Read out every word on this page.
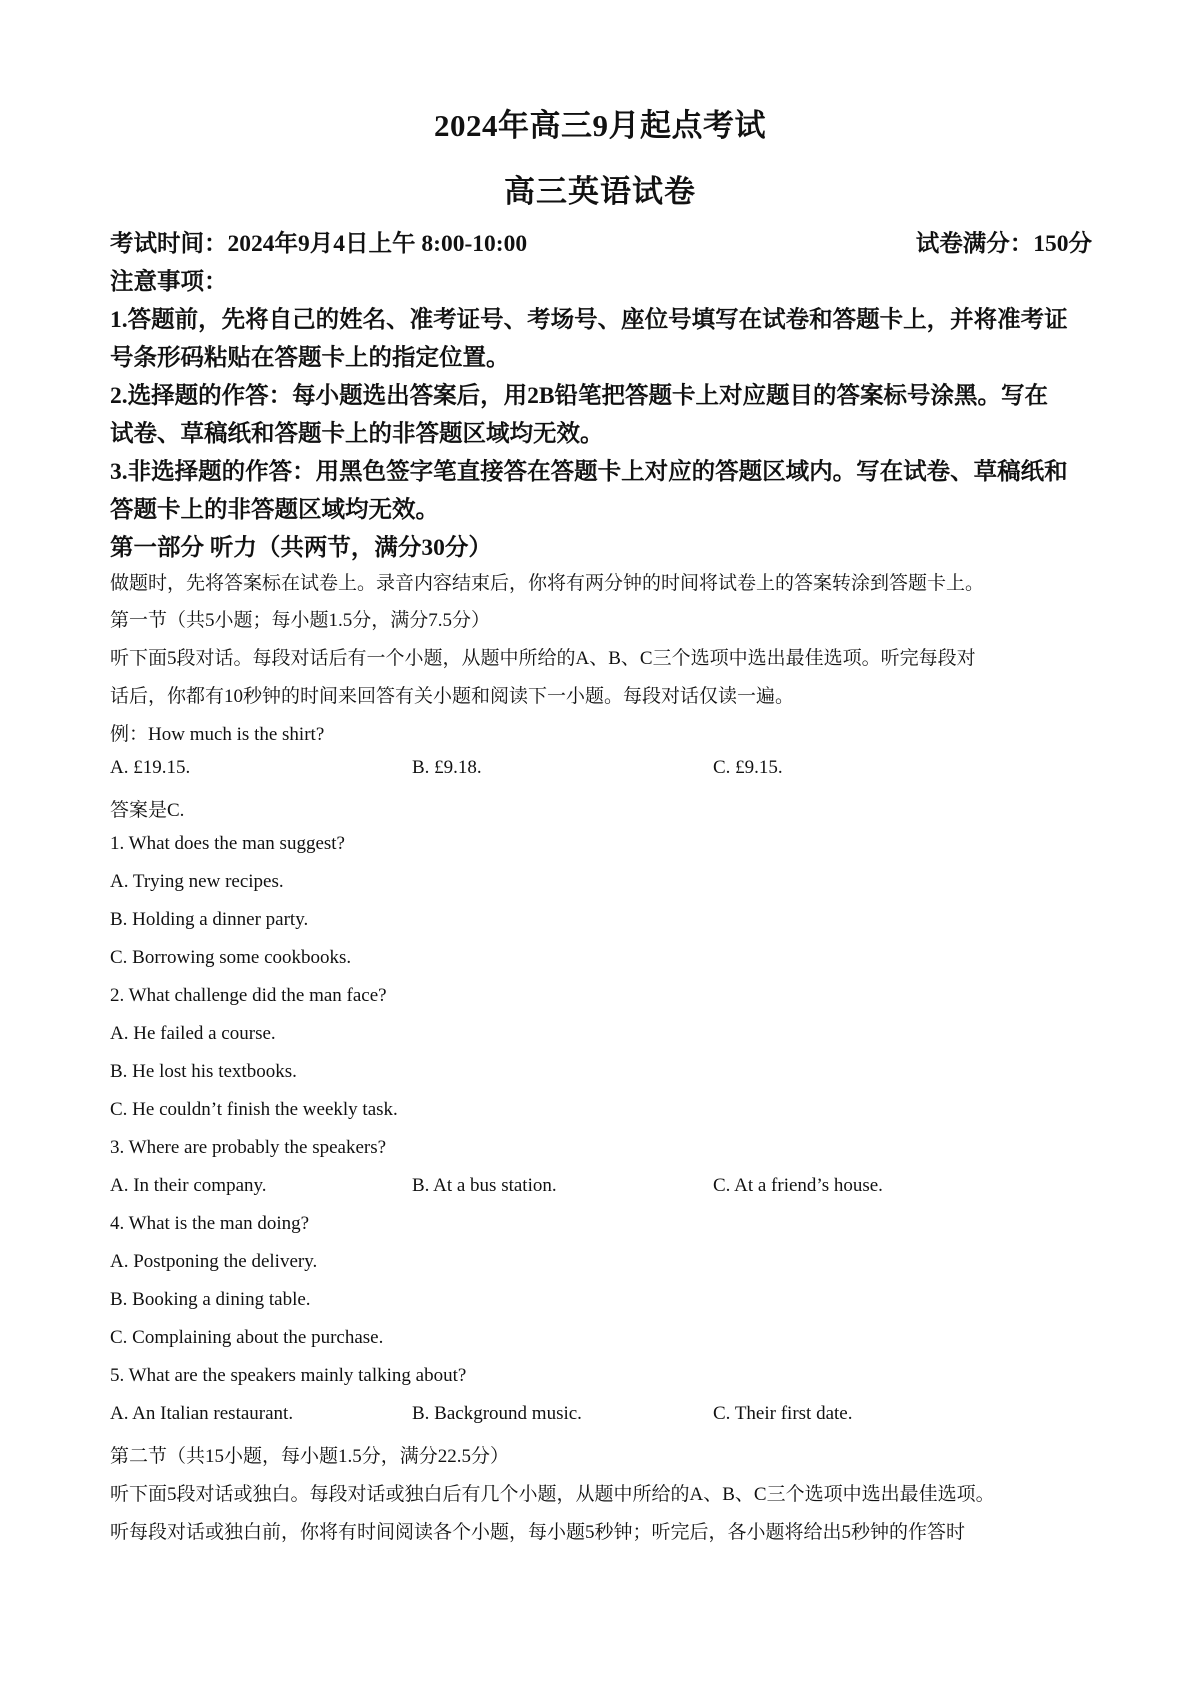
2024年高三9月起点考试
高三英语试卷
考试时间：2024年9月4日上午 8:00-10:00	试卷满分：150分
注意事项：
1.答题前，先将自己的姓名、准考证号、考场号、座位号填写在试卷和答题卡上，并将准考证
号条形码粘贴在答题卡上的指定位置。
2.选择题的作答：每小题选出答案后，用2B铅笔把答题卡上对应题目的答案标号涂黑。写在
试卷、草稿纸和答题卡上的非答题区域均无效。
3.非选择题的作答：用黑色签字笔直接答在答题卡上对应的答题区域内。写在试卷、草稿纸和
答题卡上的非答题区域均无效。
第一部分 听力（共两节，满分30分）
做题时，先将答案标在试卷上。录音内容结束后，你将有两分钟的时间将试卷上的答案转涂到答题卡上。
第一节（共5小题；每小题1.5分，满分7.5分）
听下面5段对话。每段对话后有一个小题，从题中所给的A、B、C三个选项中选出最佳选项。听完每段对
话后，你都有10秒钟的时间来回答有关小题和阅读下一小题。每段对话仅读一遍。
例：How much is the shirt?
A. £19.15.	B. £9.18.	C. £9.15.
答案是C.
1. What does the man suggest?
A. Trying new recipes.
B. Holding a dinner party.
C. Borrowing some cookbooks.
2. What challenge did the man face?
A. He failed a course.
B. He lost his textbooks.
C. He couldn’t finish the weekly task.
3. Where are probably the speakers?
A. In their company.	B. At a bus station.	C. At a friend’s house.
4. What is the man doing?
A. Postponing the delivery.
B. Booking a dining table.
C. Complaining about the purchase.
5. What are the speakers mainly talking about?
A. An Italian restaurant.	B. Background music.	C. Their first date.
第二节（共15小题，每小题1.5分，满分22.5分）
听下面5段对话或独白。每段对话或独白后有几个小题，从题中所给的A、B、C三个选项中选出最佳选项。
听每段对话或独白前，你将有时间阅读各个小题，每小题5秒钟；听完后，各小题将给出5秒钟的作答时
